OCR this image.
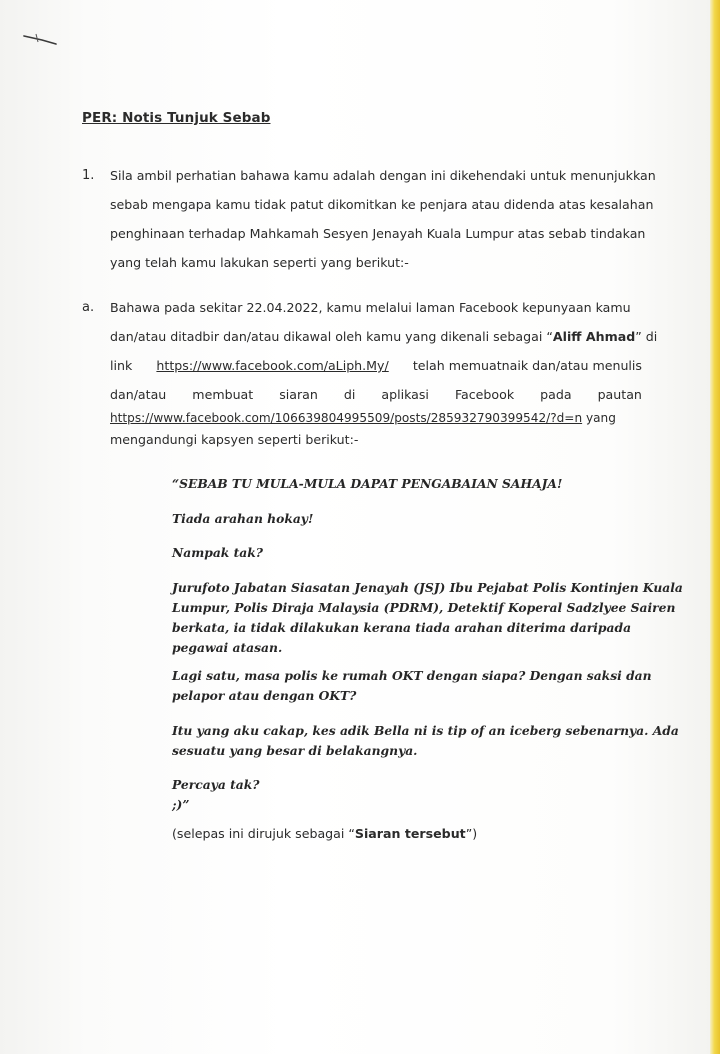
PER: Notis Tunjuk Sebab
1. Sila ambil perhatian bahawa kamu adalah dengan ini dikehendaki untuk menunjukkan
sebab mengapa kamu tidak patut dikomitkan ke penjara atau didenda atas kesalahan
penghinaan terhadap Mahkamah Sesyen Jenayah Kuala Lumpur atas sebab tindakan
yang telah kamu lakukan seperti yang berikut:-
a. Bahawa pada sekitar 22.04.2022, kamu melalui laman Facebook kepunyaan kamu
dan/atau ditadbir dan/atau dikawal oleh kamu yang dikenali sebagai “Aliff Ahmad” di
link https://www.facebook.com/aLiph.My/ telah memuatnaik dan/atau menulis
dan/atau membuat siaran di aplikasi Facebook pada pautan
https://www.facebook.com/106639804995509/posts/285932790399542/?d=n yang
mengandungi kapsyen seperti berikut:-
“SEBAB TU MULA-MULA DAPAT PENGABAIAN SAHAJA!
Tiada arahan hokay!
Nampak tak?
Jurufoto Jabatan Siasatan Jenayah (JSJ) Ibu Pejabat Polis Kontinjen Kuala
Lumpur, Polis Diraja Malaysia (PDRM), Detektif Koperal Sadzlyee Sairen
berkata, ia tidak dilakukan kerana tiada arahan diterima daripada
pegawai atasan.
Lagi satu, masa polis ke rumah OKT dengan siapa? Dengan saksi dan
pelapor atau dengan OKT?
Itu yang aku cakap, kes adik Bella ni is tip of an iceberg sebenarnya. Ada
sesuatu yang besar di belakangnya.
Percaya tak?
;)”
(selepas ini dirujuk sebagai “Siaran tersebut”)
